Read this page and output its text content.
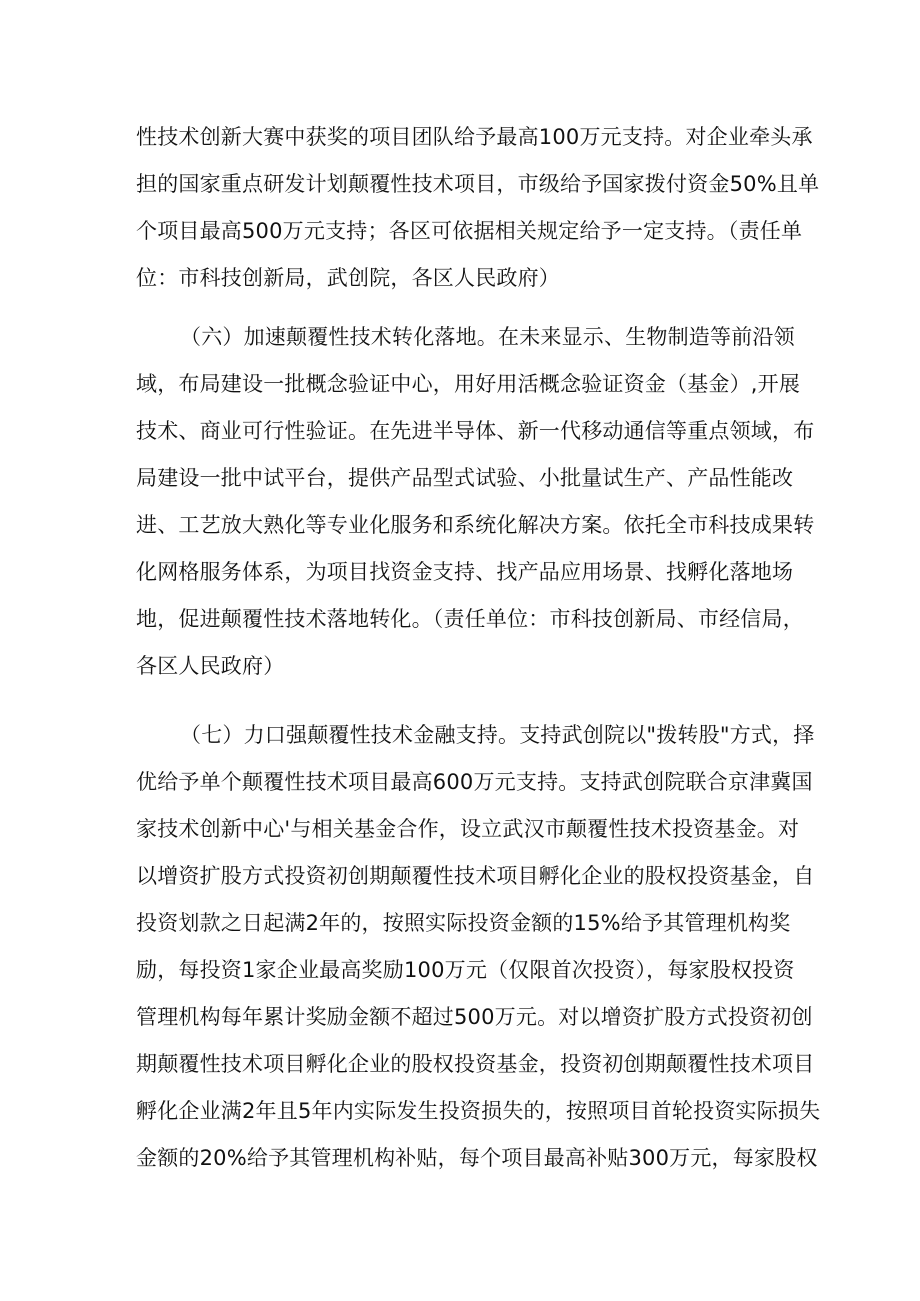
性技术创新大赛中获奖的项目团队给予最高100万元支持。对企业牵头承
担的国家重点研发计划颠覆性技术项目，市级给予国家拨付资金50%且单
个项目最高500万元支持；各区可依据相关规定给予一定支持。（责任单
位：市科技创新局，武创院，各区人民政府）
（六）加速颠覆性技术转化落地。在未来显示、生物制造等前沿领
域，布局建设一批概念验证中心，用好用活概念验证资金（基金）,开展
技术、商业可行性验证。在先进半导体、新一代移动通信等重点领域，布
局建设一批中试平台，提供产品型式试验、小批量试生产、产品性能改
进、工艺放大熟化等专业化服务和系统化解决方案。依托全市科技成果转
化网格服务体系，为项目找资金支持、找产品应用场景、找孵化落地场
地，促进颠覆性技术落地转化。（责任单位：市科技创新局、市经信局，
各区人民政府）
（七）力口强颠覆性技术金融支持。支持武创院以"拨转股"方式，择
优给予单个颠覆性技术项目最高600万元支持。支持武创院联合京津冀国
家技术创新中心'与相关基金合作，设立武汉市颠覆性技术投资基金。对
以增资扩股方式投资初创期颠覆性技术项目孵化企业的股权投资基金，自
投资划款之日起满2年的，按照实际投资金额的15%给予其管理机构奖
励，每投资1家企业最高奖励100万元（仅限首次投资），每家股权投资
管理机构每年累计奖励金额不超过500万元。对以增资扩股方式投资初创
期颠覆性技术项目孵化企业的股权投资基金，投资初创期颠覆性技术项目
孵化企业满2年且5年内实际发生投资损失的，按照项目首轮投资实际损失
金额的20%给予其管理机构补贴，每个项目最高补贴300万元，每家股权
